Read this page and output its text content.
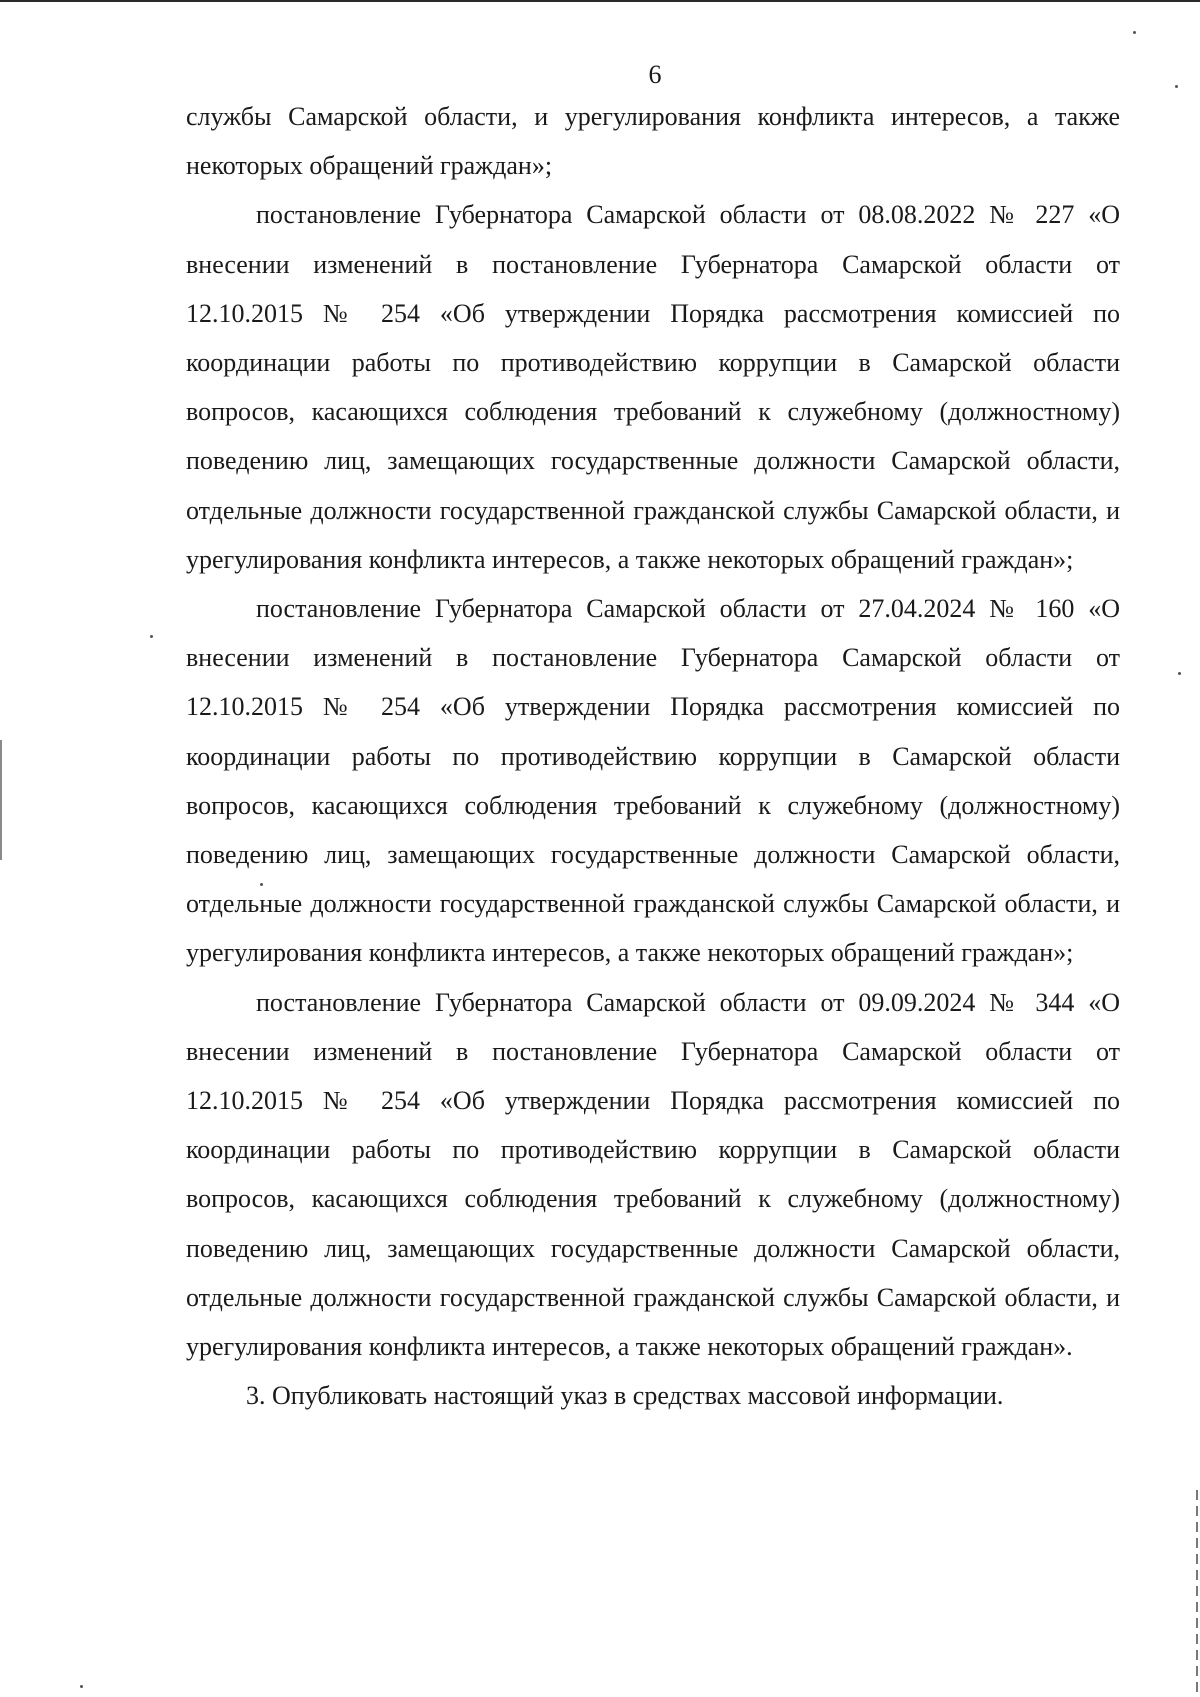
6

службы Самарской области, и урегулирования конфликта интересов, а также некоторых обращений граждан»;

постановление Губернатора Самарской области от 08.08.2022 № 227 «О внесении изменений в постановление Губернатора Самарской области от 12.10.2015 № 254 «Об утверждении Порядка рассмотрения комиссией по координации работы по противодействию коррупции в Самарской области вопросов, касающихся соблюдения требований к служебному (должностному) поведению лиц, замещающих государственные должности Самарской области, отдельные должности государственной гражданской службы Самарской области, и урегулирования конфликта интересов, а также некоторых обращений граждан»;

постановление Губернатора Самарской области от 27.04.2024 № 160 «О внесении изменений в постановление Губернатора Самарской области от 12.10.2015 № 254 «Об утверждении Порядка рассмотрения комиссией по координации работы по противодействию коррупции в Самарской области вопросов, касающихся соблюдения требований к служебному (должностному) поведению лиц, замещающих государственные должности Самарской области, отдельные должности государственной гражданской службы Самарской области, и урегулирования конфликта интересов, а также некоторых обращений граждан»;

постановление Губернатора Самарской области от 09.09.2024 № 344 «О внесении изменений в постановление Губернатора Самарской области от 12.10.2015 № 254 «Об утверждении Порядка рассмотрения комиссией по координации работы по противодействию коррупции в Самарской области вопросов, касающихся соблюдения требований к служебному (должностному) поведению лиц, замещающих государственные должности Самарской области, отдельные должности государственной гражданской службы Самарской области, и урегулирования конфликта интересов, а также некоторых обращений граждан».

3. Опубликовать настоящий указ в средствах массовой информации.
